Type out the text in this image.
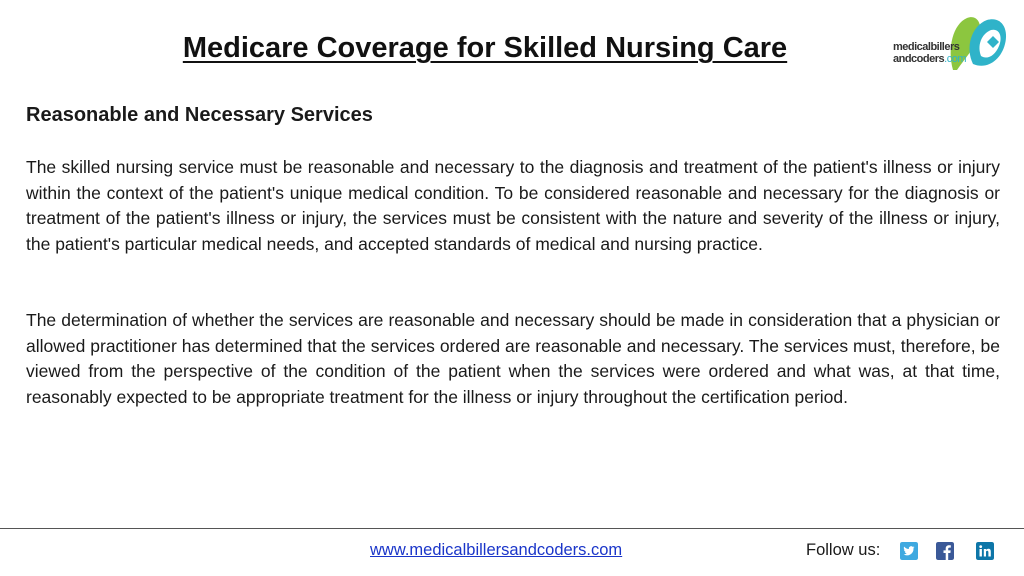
Medicare Coverage for Skilled Nursing Care	medicalbillers
andcoders.com
Reasonable and Necessary Services

The skilled nursing service must be reasonable and necessary to the diagnosis and treatment of the patient's illness or injury within the context of the patient's unique medical condition. To be considered reasonable and necessary for the diagnosis or treatment of the patient's illness or injury, the services must be consistent with the nature and severity of the illness or injury, the patient's particular medical needs, and accepted standards of medical and nursing practice.

The determination of whether the services are reasonable and necessary should be made in consideration that a physician or allowed practitioner has determined that the services ordered are reasonable and necessary. The services must, therefore, be viewed from the perspective of the condition of the patient when the services were ordered and what was, at that time, reasonably expected to be appropriate treatment for the illness or injury throughout the certification period.

www.medicalbillersandcoders.com	Follow us:
